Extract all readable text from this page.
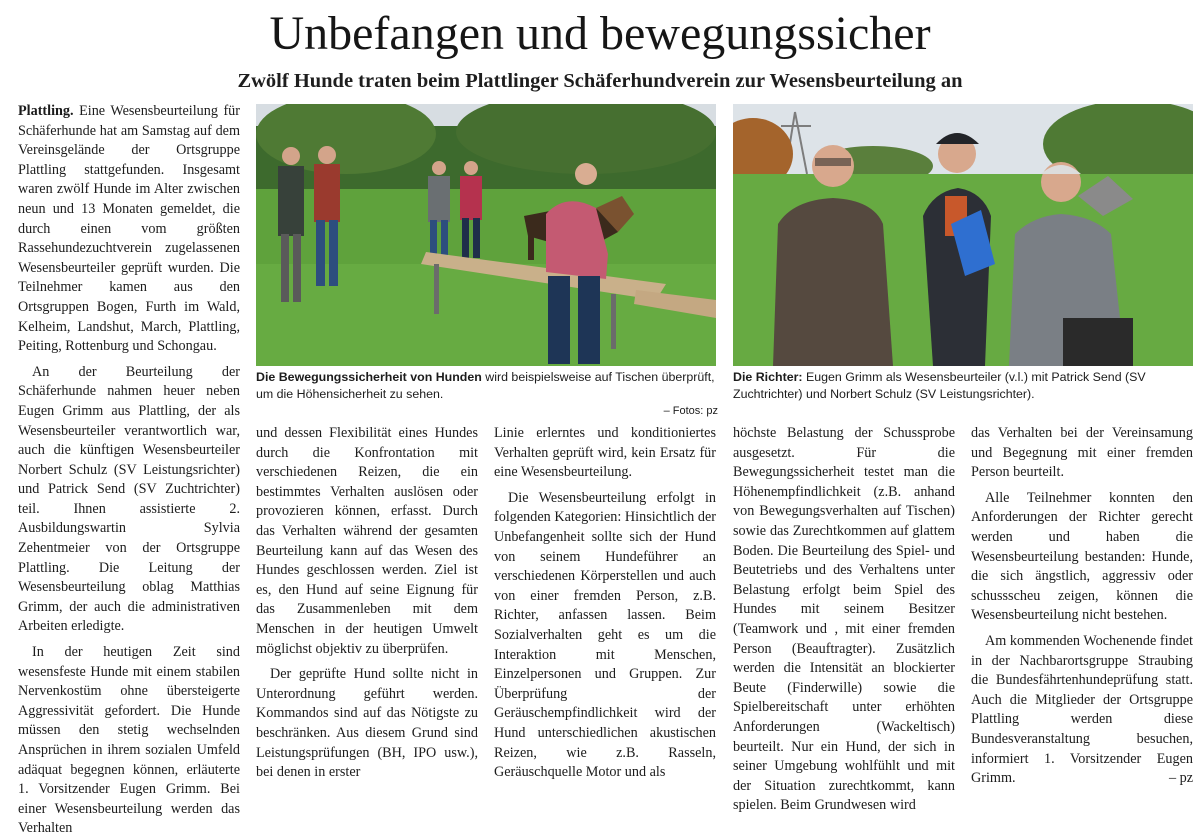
Unbefangen und bewegungssicher
Zwölf Hunde traten beim Plattlinger Schäferhundverein zur Wesensbeurteilung an

Plattling. Eine Wesensbeurteilung für Schäferhunde hat am Samstag auf dem Vereinsgelände der Ortsgruppe Plattling stattgefunden. Insgesamt waren zwölf Hunde im Alter zwischen neun und 13 Monaten gemeldet, die durch einen vom größten Rassehundezuchtverein zugelassenen Wesensbeurteiler geprüft wurden. Die Teilnehmer kamen aus den Ortsgruppen Bogen, Furth im Wald, Kelheim, Landshut, March, Plattling, Peiting, Rottenburg und Schongau.

An der Beurteilung der Schäferhunde nahmen heuer neben Eugen Grimm aus Plattling, der als Wesensbeurteiler verantwortlich war, auch die künftigen Wesensbeurteiler Norbert Schulz (SV Leistungsrichter) und Patrick Send (SV Zuchtrichter) teil. Ihnen assistierte 2. Ausbildungswartin Sylvia Zehentmeier von der Ortsgruppe Plattling. Die Leitung der Wesensbeurteilung oblag Matthias Grimm, der auch die administrativen Arbeiten erledigte.

In der heutigen Zeit sind wesensfeste Hunde mit einem stabilen Nervenkostüm ohne übersteigerte Aggressivität gefordert. Die Hunde müssen den stetig wechselnden Ansprüchen in ihrem sozialen Umfeld adäquat begegnen können, erläuterte 1. Vorsitzender Eugen Grimm. Bei einer Wesensbeurteilung werden das Verhalten

Die Bewegungssicherheit von Hunden wird beispielsweise auf Tischen überprüft, um die Höhensicherheit zu sehen.
– Fotos: pz
Die Richter: Eugen Grimm als Wesensbeurteiler (v.l.) mit Patrick Send (SV Zuchtrichter) und Norbert Schulz (SV Leistungsrichter).

und dessen Flexibilität eines Hundes durch die Konfrontation mit verschiedenen Reizen, die ein bestimmtes Verhalten auslösen oder provozieren können, erfasst. Durch das Verhalten während der gesamten Beurteilung kann auf das Wesen des Hundes geschlossen werden. Ziel ist es, den Hund auf seine Eignung für das Zusammenleben mit dem Menschen in der heutigen Umwelt möglichst objektiv zu überprüfen.

Der geprüfte Hund sollte nicht in Unterordnung geführt werden. Kommandos sind auf das Nötigste zu beschränken. Aus diesem Grund sind Leistungsprüfungen (BH, IPO usw.), bei denen in erster

Linie erlerntes und konditioniertes Verhalten geprüft wird, kein Ersatz für eine Wesensbeurteilung.

Die Wesensbeurteilung erfolgt in folgenden Kategorien: Hinsichtlich der Unbefangenheit sollte sich der Hund von seinem Hundeführer an verschiedenen Körperstellen und auch von einer fremden Person, z.B. Richter, anfassen lassen. Beim Sozialverhalten geht es um die Interaktion mit Menschen, Einzelpersonen und Gruppen. Zur Überprüfung der Geräuschempfindlichkeit wird der Hund unterschiedlichen akustischen Reizen, wie z.B. Rasseln, Geräuschquelle Motor und als

höchste Belastung der Schussprobe ausgesetzt. Für die Bewegungssicherheit testet man die Höhenempfindlichkeit (z.B. anhand von Bewegungsverhalten auf Tischen) sowie das Zurechtkommen auf glattem Boden. Die Beurteilung des Spiel- und Beutetriebs und des Verhaltens unter Belastung erfolgt beim Spiel des Hundes mit seinem Besitzer (Teamwork und , mit einer fremden Person (Beauftragter). Zusätzlich werden die Intensität an blockierter Beute (Finderwille) sowie die Spielbereitschaft unter erhöhten Anforderungen (Wackeltisch) beurteilt. Nur ein Hund, der sich in seiner Umgebung wohlfühlt und mit der Situation zurechtkommt, kann spielen. Beim Grundwesen wird

das Verhalten bei der Vereinsamung und Begegnung mit einer fremden Person beurteilt.

Alle Teilnehmer konnten den Anforderungen der Richter gerecht werden und haben die Wesensbeurteilung bestanden: Hunde, die sich ängstlich, aggressiv oder schussscheu zeigen, können die Wesensbeurteilung nicht bestehen.

Am kommenden Wochenende findet in der Nachbarortsgruppe Straubing die Bundesfährtenhundeprüfung statt. Auch die Mitglieder der Ortsgruppe Plattling werden diese Bundesveranstaltung besuchen, informiert 1. Vorsitzender Eugen Grimm.	– pz
